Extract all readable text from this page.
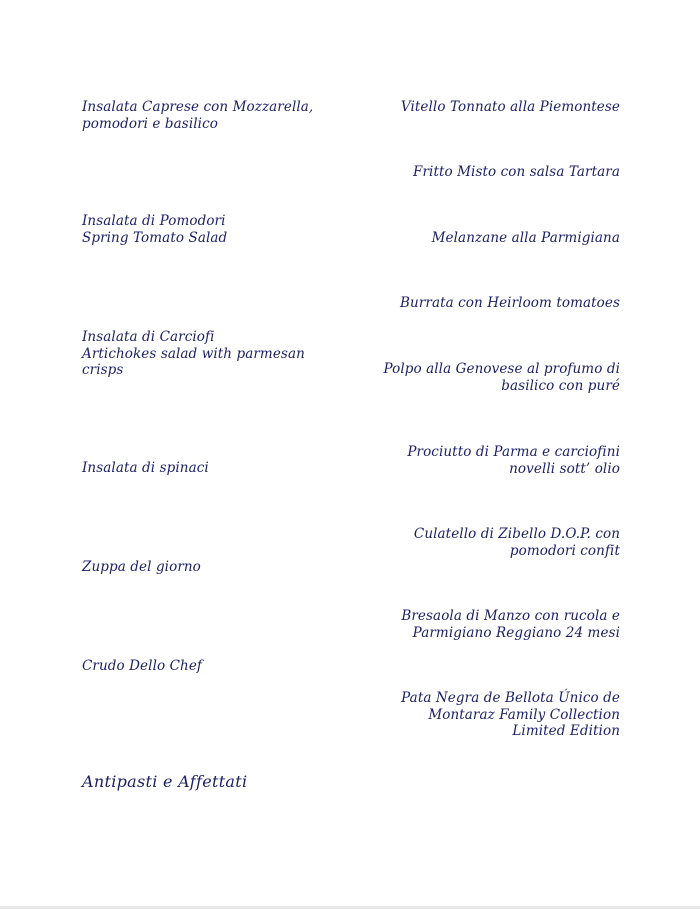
Insalata Caprese con Mozzarella,
pomodori e basilico
Insalata di Pomodori
Spring Tomato Salad
Insalata di Carciofi
Artichokes salad with parmesan
crisps
Insalata di spinaci
Zuppa del giorno
Crudo Dello Chef
Vitello Tonnato alla Piemontese
Fritto Misto con salsa Tartara
Melanzane alla Parmigiana
Burrata con Heirloom tomatoes
Polpo alla Genovese al profumo di
basilico con puré
Prociutto di Parma e carciofini
novelli sott’ olio
Culatello di Zibello D.O.P. con
pomodori confit
Bresaola di Manzo con rucola e
Parmigiano Reggiano 24 mesi
Pata Negra de Bellota Único de
Montaraz Family Collection
Limited Edition
Antipasti e Affettati
